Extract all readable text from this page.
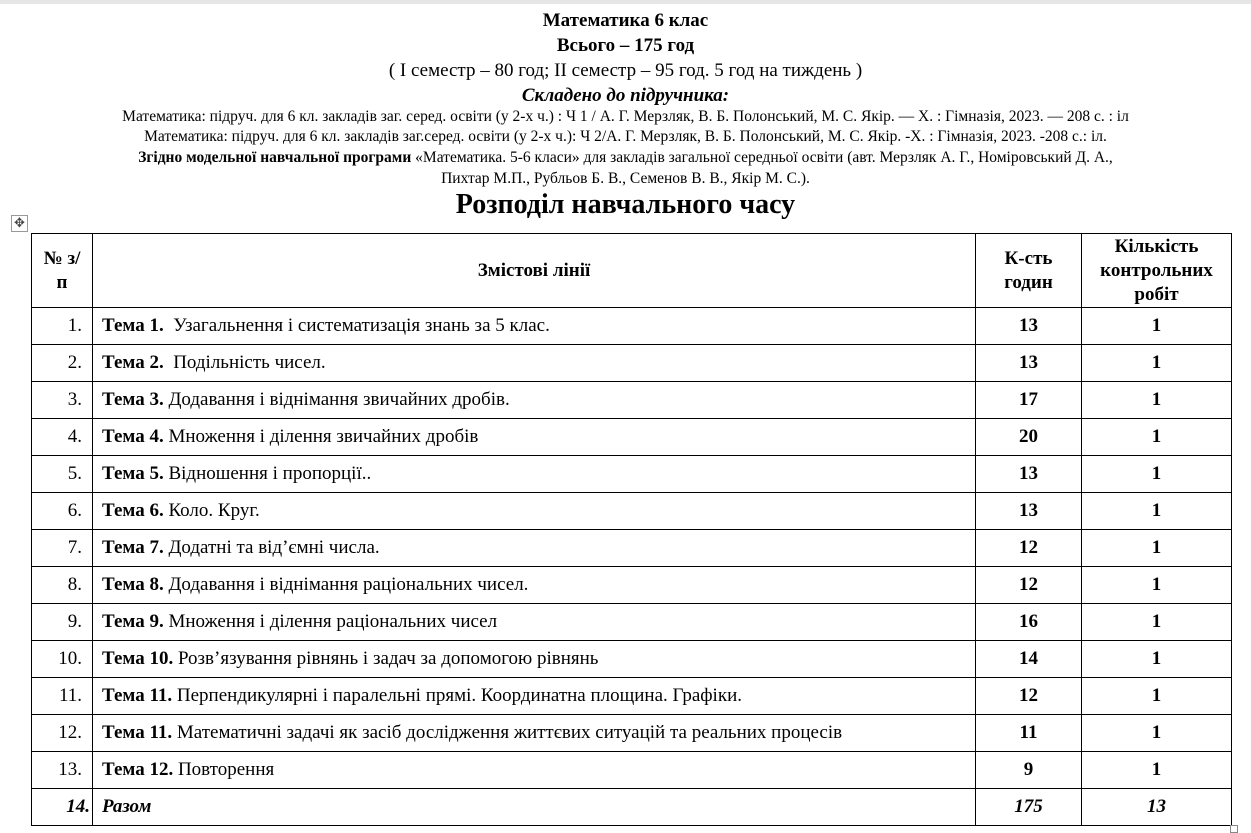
Математика 6 клас
Всього – 175 год
( І семестр – 80 год; ІІ семестр – 95 год. 5 год на тиждень )
Складено до підручника:
Математика: підруч. для 6 кл. закладів заг. серед. освіти (у 2-х ч.) : Ч 1 / А. Г. Мерзляк, В. Б. Полонський, М. С. Якір. — Х. : Гімназія, 2023. — 208 с. : іл
Математика: підруч. для 6 кл. закладів заг.серед. освіти (у 2-х ч.): Ч 2/А. Г. Мерзляк, В. Б. Полонський, М. С. Якір. -Х. : Гімназія, 2023. -208 с.: іл.
Згідно модельної навчальної програми «Математика. 5-6 класи» для закладів загальної середньої освіти (авт. Мерзляк А. Г., Номіровський Д. А.,
Пихтар М.П., Рубльов Б. В., Семенов В. В., Якір М. С.).
Розподіл навчального часу
✥
№ з/п	Змістові лінії	К-сть годин	Кількість контрольних робіт
1.	Тема 1.  Узагальнення і систематизація знань за 5 клас.	13	1
2.	Тема 2.  Подільність чисел.	13	1
3.	Тема 3. Додавання і віднімання звичайних дробів.	17	1
4.	Тема 4. Множення і ділення звичайних дробів	20	1
5.	Тема 5. Відношення і пропорції..	13	1
6.	Тема 6. Коло. Круг.	13	1
7.	Тема 7. Додатні та від’ємні числа.	12	1
8.	Тема 8. Додавання і віднімання раціональних чисел.	12	1
9.	Тема 9. Множення і ділення раціональних чисел	16	1
10.	Тема 10. Розв’язування рівнянь і задач за допомогою рівнянь	14	1
11.	Тема 11. Перпендикулярні і паралельні прямі. Координатна площина. Графіки.	12	1
12.	Тема 11. Математичні задачі як засіб дослідження життєвих ситуацій та реальних процесів	11	1
13.	Тема 12. Повторення	9	1
14.	Разом	175	13
